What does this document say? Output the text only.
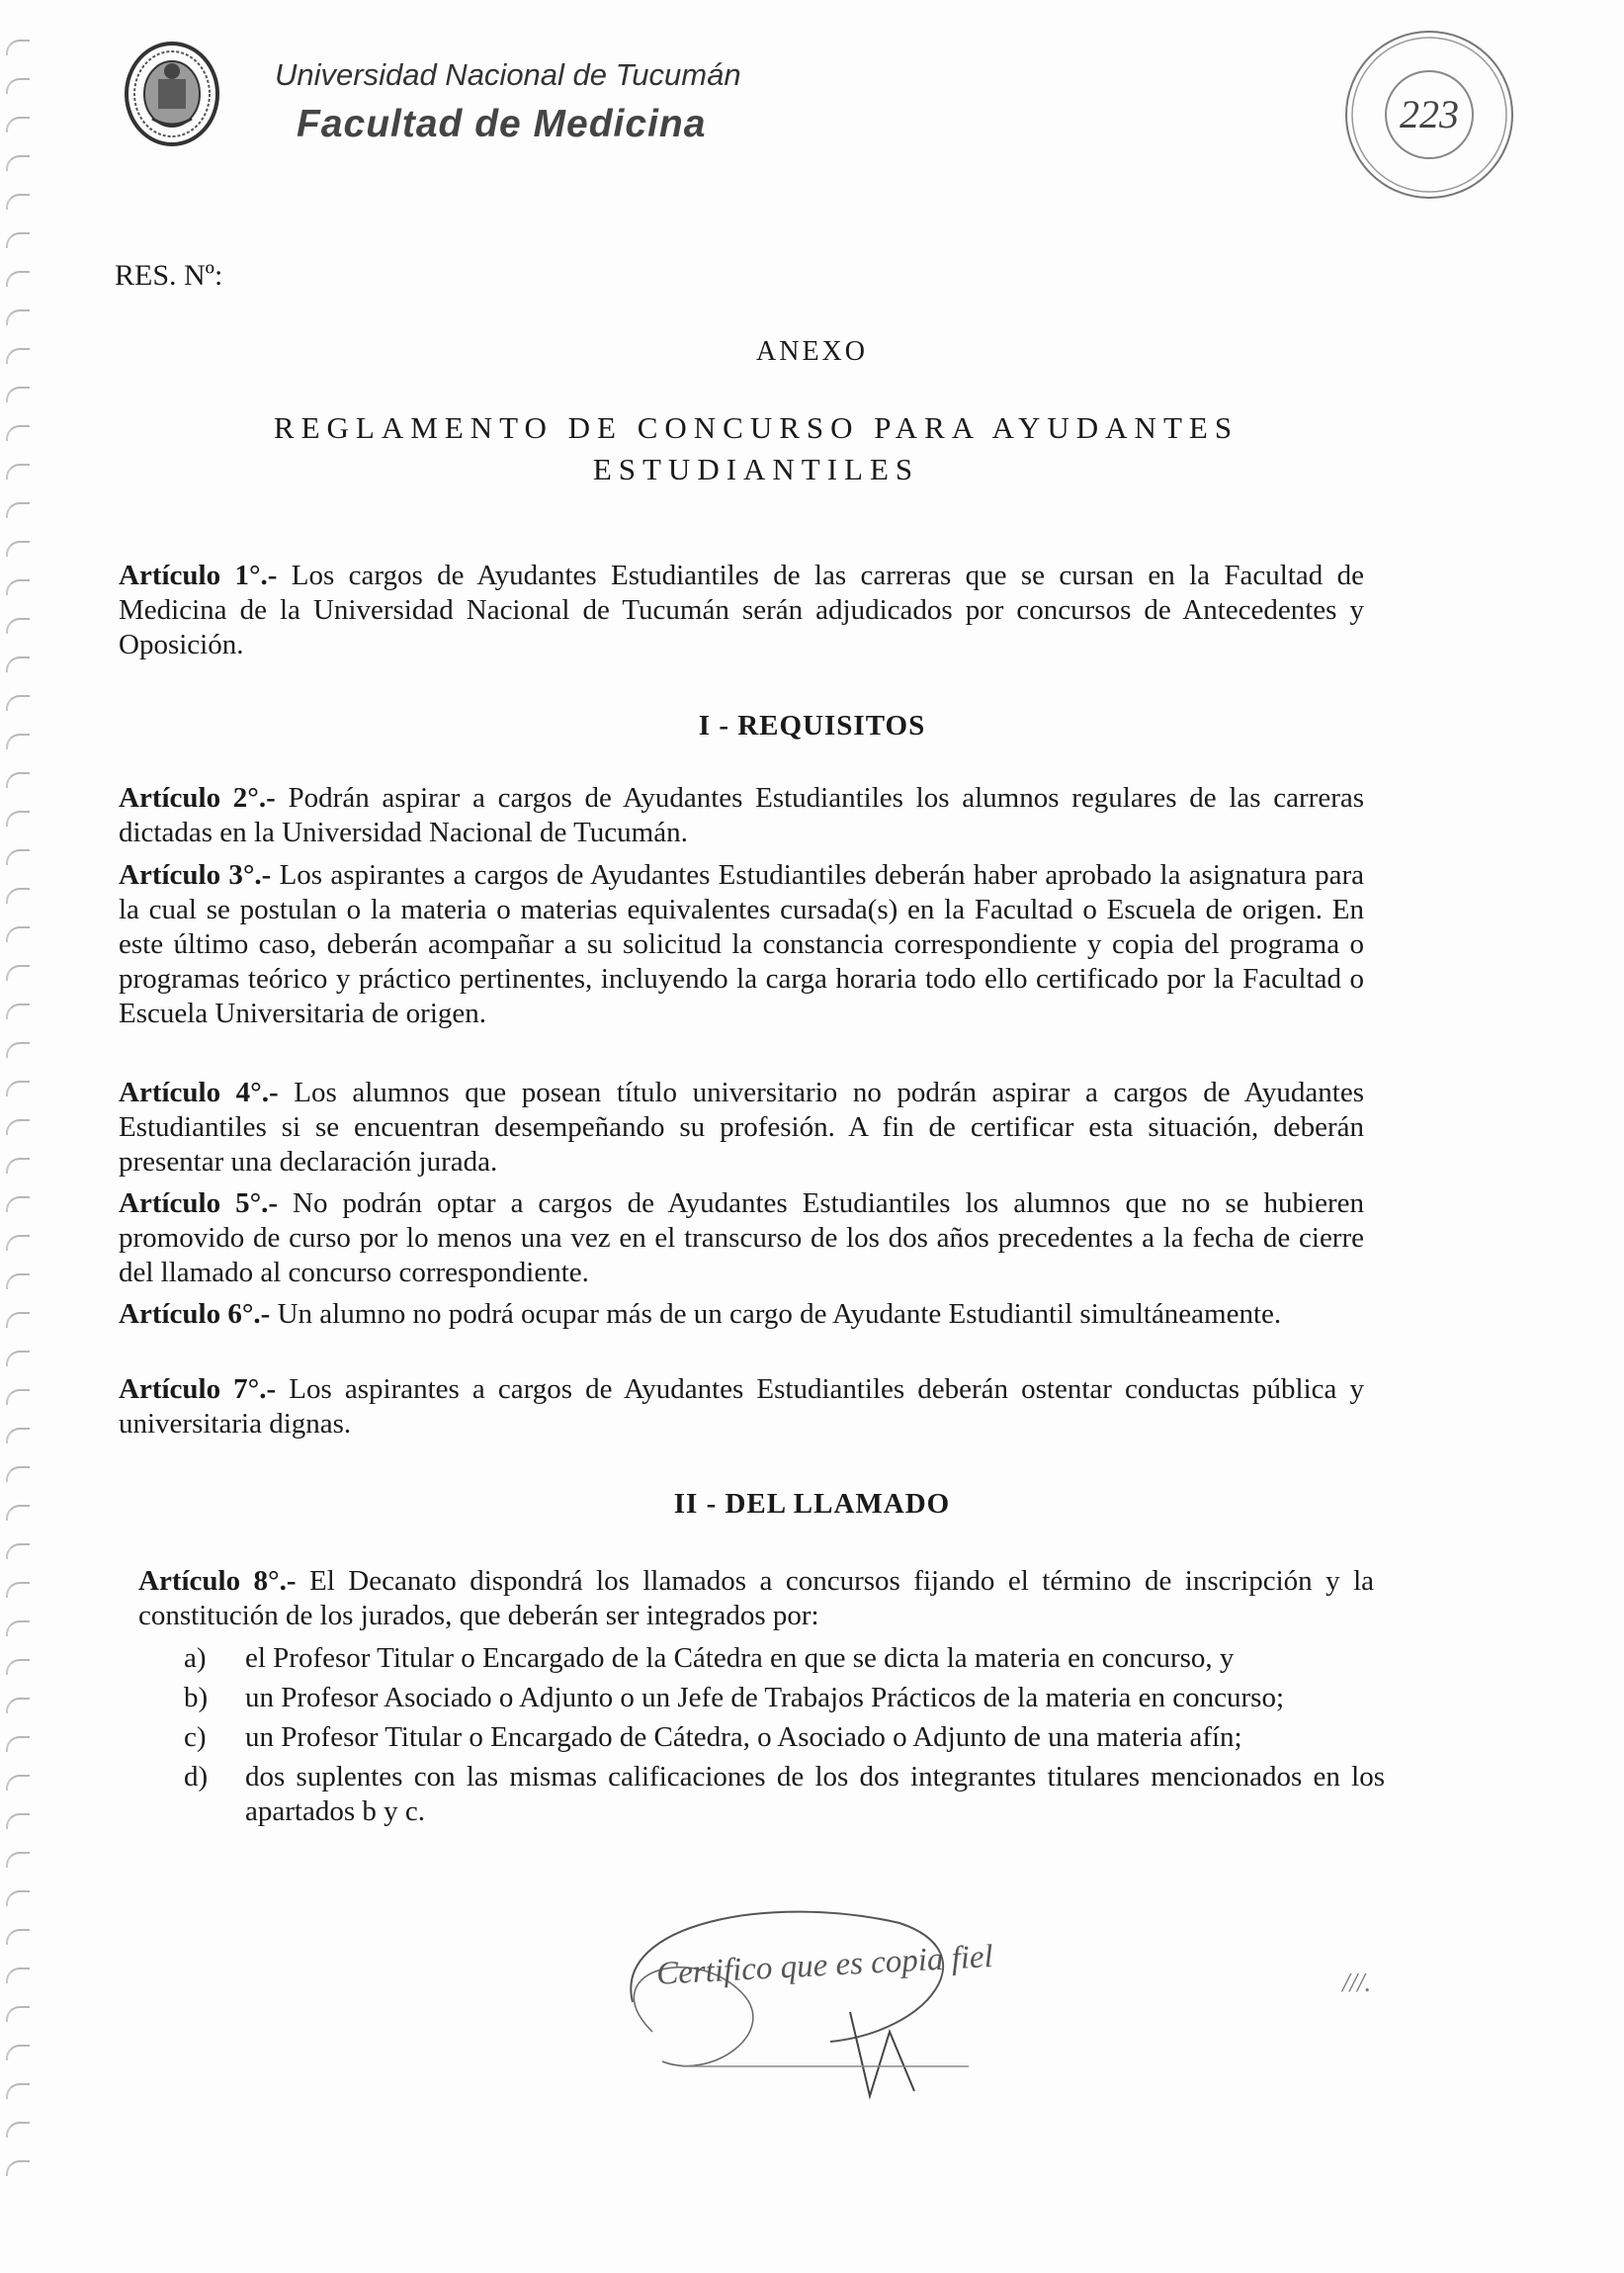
Universidad Nacional de Tucumán
Facultad de Medicina	223
RES. Nº:
ANEXO
REGLAMENTO DE CONCURSO PARA AYUDANTES ESTUDIANTILES

Artículo 1°.- Los cargos de Ayudantes Estudiantiles de las carreras que se cursan en la Facultad de Medicina de la Universidad Nacional de Tucumán serán adjudicados por concursos de Antecedentes y Oposición.

I - REQUISITOS

Artículo 2°.- Podrán aspirar a cargos de Ayudantes Estudiantiles los alumnos regulares de las carreras dictadas en la Universidad Nacional de Tucumán.

Artículo 3°.- Los aspirantes a cargos de Ayudantes Estudiantiles deberán haber aprobado la asignatura para la cual se postulan o la materia o materias equivalentes cursada(s) en la Facultad o Escuela de origen. En este último caso, deberán acompañar a su solicitud la constancia correspondiente y copia del programa o programas teórico y práctico pertinentes, incluyendo la carga horaria todo ello certificado por la Facultad o Escuela Universitaria de origen.

Artículo 4°.- Los alumnos que posean título universitario no podrán aspirar a cargos de Ayudantes Estudiantiles si se encuentran desempeñando su profesión. A fin de certificar esta situación, deberán presentar una declaración jurada.

Artículo 5°.- No podrán optar a cargos de Ayudantes Estudiantiles los alumnos que no se hubieren promovido de curso por lo menos una vez en el transcurso de los dos años precedentes a la fecha de cierre del llamado al concurso correspondiente.

Artículo 6°.- Un alumno no podrá ocupar más de un cargo de Ayudante Estudiantil simultáneamente.

Artículo 7°.- Los aspirantes a cargos de Ayudantes Estudiantiles deberán ostentar conductas pública y universitaria dignas.

II - DEL LLAMADO

Artículo 8°.- El Decanato dispondrá los llamados a concursos fijando el término de inscripción y la constitución de los jurados, que deberán ser integrados por:

a)	el Profesor Titular o Encargado de la Cátedra en que se dicta la materia en concurso, y
b)	un Profesor Asociado o Adjunto o un Jefe de Trabajos Prácticos de la materia en concurso;
c)	un Profesor Titular o Encargado de Cátedra, o Asociado o Adjunto de una materia afín;
d)	dos suplentes con las mismas calificaciones de los dos integrantes titulares mencionados en los apartados b y c.
Certifico que es copia fiel	///.
